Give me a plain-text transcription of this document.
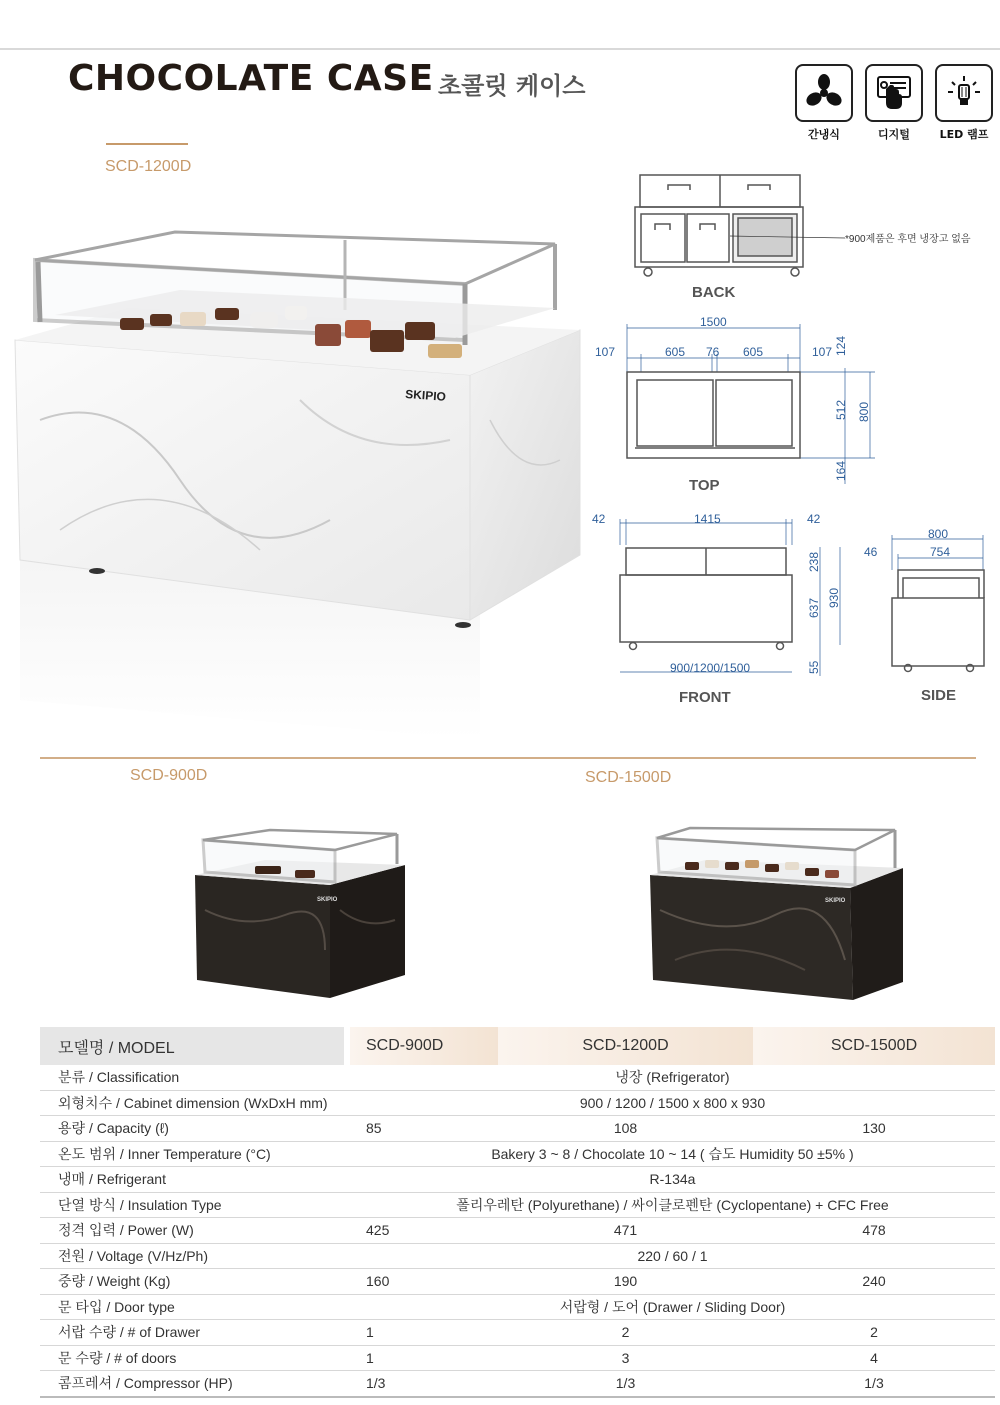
CHOCOLATE CASE 초콜릿 케이스
간냉식	디지털	LED 램프
SCD-1200D
SKIPIO
*900제품은 후면 냉장고 없음
BACK
1500
107	605 76 605	107 124
512 800
164
TOP
42	1415	42
238
637 930
55
900/1200/1500
FRONT
800
754
46
SIDE
SCD-900D	SCD-1500D
SKIPIO	SKIPIO
모델명 / MODEL		SCD-900D	SCD-1200D	SCD-1500D
분류 / Classification		냉장 (Refrigerator)		
외형치수 / Cabinet dimension (WxDxH mm)		900 / 1200 / 1500 x 800 x 930		
용량 / Capacity (ℓ)		85	108	130
온도 범위 / Inner Temperature (°C)		Bakery 3 ~ 8 / Chocolate 10 ~ 14 ( 습도 Humidity 50 ±5% )		
냉매 / Refrigerant		R-134a		
단열 방식 / Insulation Type		폴리우레탄 (Polyurethane) / 싸이클로펜탄 (Cyclopentane) + CFC Free		
정격 입력 / Power (W)		425	471	478
전원 / Voltage (V/Hz/Ph)		220 / 60 / 1		
중량 / Weight (Kg)		160	190	240
문 타입 / Door type		서랍형 / 도어 (Drawer / Sliding Door)		
서랍 수량 / # of Drawer		1	2	2
문 수량 / # of doors		1	3	4
콤프레셔 / Compressor (HP)		1/3	1/3	1/3
